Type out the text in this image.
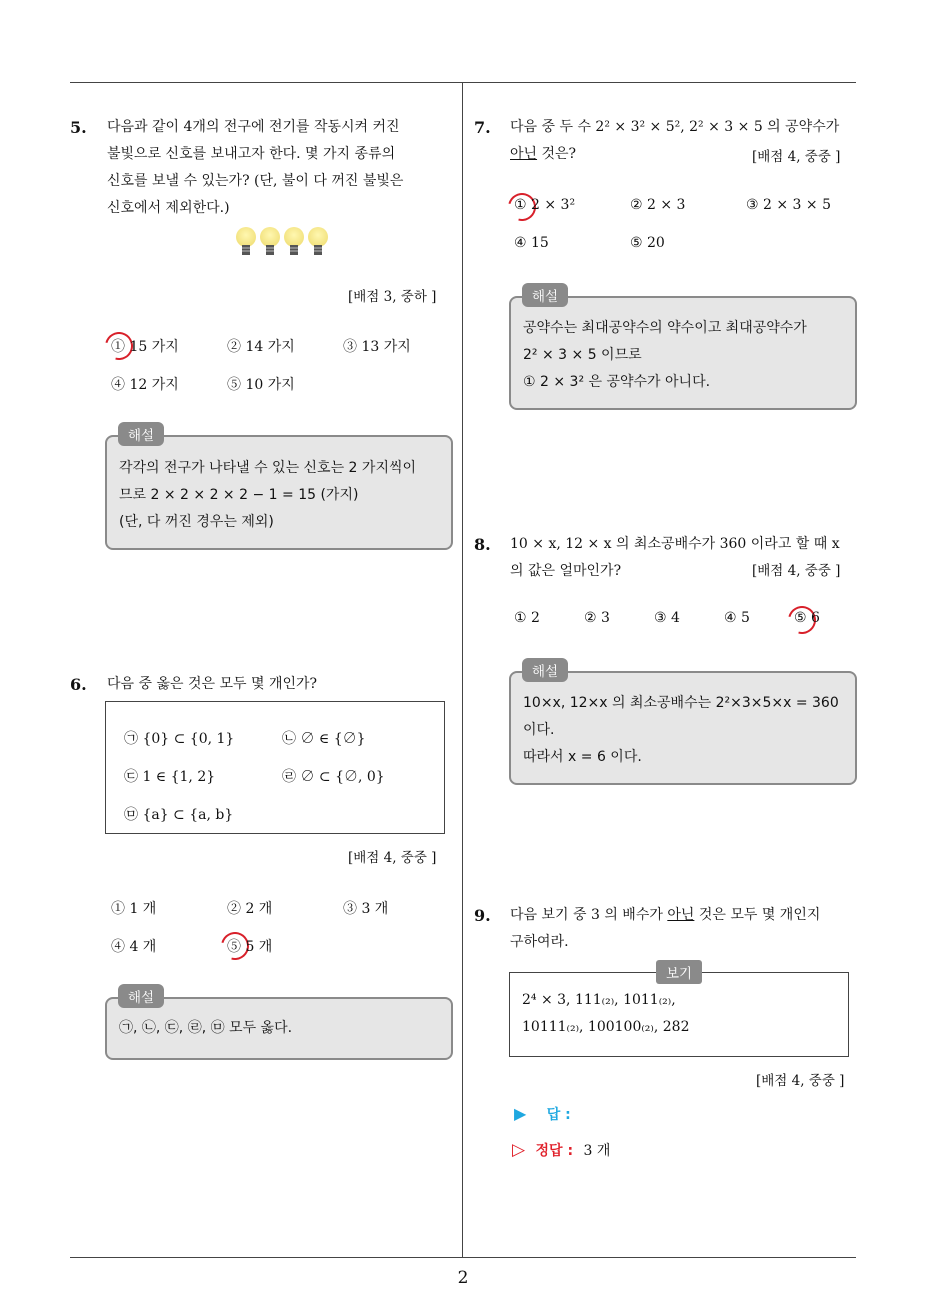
5. 다음과 같이 4개의 전구에 전기를 작동시켜 커진
불빛으로 신호를 보내고자 한다. 몇 가지 종류의
신호를 보낼 수 있는가? (단, 불이 다 꺼진 불빛은
신호에서 제외한다.)
[배점 3, 중하 ]
① 15 가지	② 14 가지	③ 13 가지
④ 12 가지	⑤ 10 가지
각각의 전구가 나타낼 수 있는 신호는 2 가지씩이
므로 2 × 2 × 2 × 2 − 1 = 15 (가지)
(단, 다 꺼진 경우는 제외)
해설
6. 다음 중 옳은 것은 모두 몇 개인가?
㉠ {0} ⊂ {0, 1}	㉡ ∅ ∈ {∅}
㉢ 1 ∈ {1, 2}	㉣ ∅ ⊂ {∅, 0}
㉤ {a} ⊂ {a, b}
[배점 4, 중중 ]
① 1 개	② 2 개	③ 3 개
④ 4 개	⑤ 5 개
㉠, ㉡, ㉢, ㉣, ㉤ 모두 옳다.
해설
7. 다음 중 두 수 2² × 3² × 5², 2² × 3 × 5 의 공약수가
아닌 것은?	[배점 4, 중중 ]
① 2 × 3²	② 2 × 3	③ 2 × 3 × 5
④ 15	⑤ 20
공약수는 최대공약수의 약수이고 최대공약수가
2² × 3 × 5 이므로
① 2 × 3² 은 공약수가 아니다.
해설
8. 10 × x, 12 × x 의 최소공배수가 360 이라고 할 때 x
의 값은 얼마인가?	[배점 4, 중중 ]
① 2	② 3	③ 4	④ 5	⑤ 6
10×x, 12×x 의 최소공배수는 2²×3×5×x = 360
이다.
따라서 x = 6 이다.
해설
9. 다음 보기 중 3 의 배수가 아닌 것은 모두 몇 개인지
구하여라.
2⁴ × 3, 111₍₂₎, 1011₍₂₎,
10111₍₂₎, 100100₍₂₎, 282
보기
[배점 4, 중중 ]
▶ 답 :
▷ 정답 : 3 개
2
